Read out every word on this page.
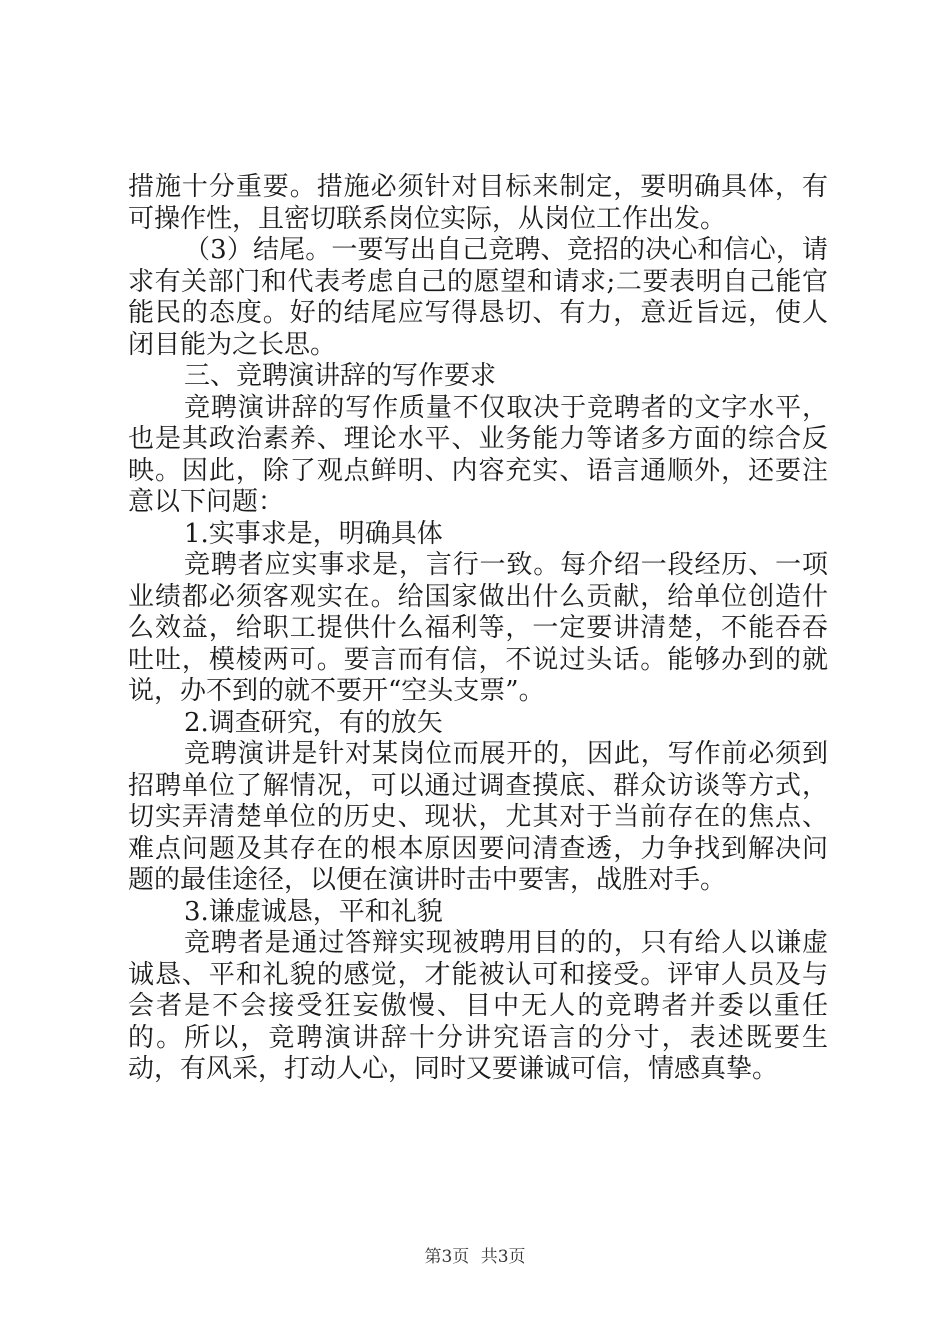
措施十分重要。措施必须针对目标来制定，要明确具体，有可操作性，且密切联系岗位实际，从岗位工作出发。

（3）结尾。一要写出自己竞聘、竞招的决心和信心，请求有关部门和代表考虑自己的愿望和请求;二要表明自己能官能民的态度。好的结尾应写得恳切、有力，意近旨远，使人闭目能为之长思。

三、竞聘演讲辞的写作要求

竞聘演讲辞的写作质量不仅取决于竞聘者的文字水平，也是其政治素养、理论水平、业务能力等诸多方面的综合反映。因此，除了观点鲜明、内容充实、语言通顺外，还要注意以下问题：

1.实事求是，明确具体

竞聘者应实事求是，言行一致。每介绍一段经历、一项业绩都必须客观实在。给国家做出什么贡献，给单位创造什么效益，给职工提供什么福利等，一定要讲清楚，不能吞吞吐吐，模棱两可。要言而有信，不说过头话。能够办到的就说，办不到的就不要开“空头支票”。

2.调查研究，有的放矢

竞聘演讲是针对某岗位而展开的，因此，写作前必须到招聘单位了解情况，可以通过调查摸底、群众访谈等方式，切实弄清楚单位的历史、现状，尤其对于当前存在的焦点、难点问题及其存在的根本原因要问清查透，力争找到解决问题的最佳途径，以便在演讲时击中要害，战胜对手。

3.谦虚诚恳，平和礼貌

竞聘者是通过答辩实现被聘用目的的，只有给人以谦虚诚恳、平和礼貌的感觉，才能被认可和接受。评审人员及与会者是不会接受狂妄傲慢、目中无人的竞聘者并委以重任的。所以，竞聘演讲辞十分讲究语言的分寸，表述既要生动，有风采，打动人心，同时又要谦诚可信，情感真挚。

第3页 共3页
